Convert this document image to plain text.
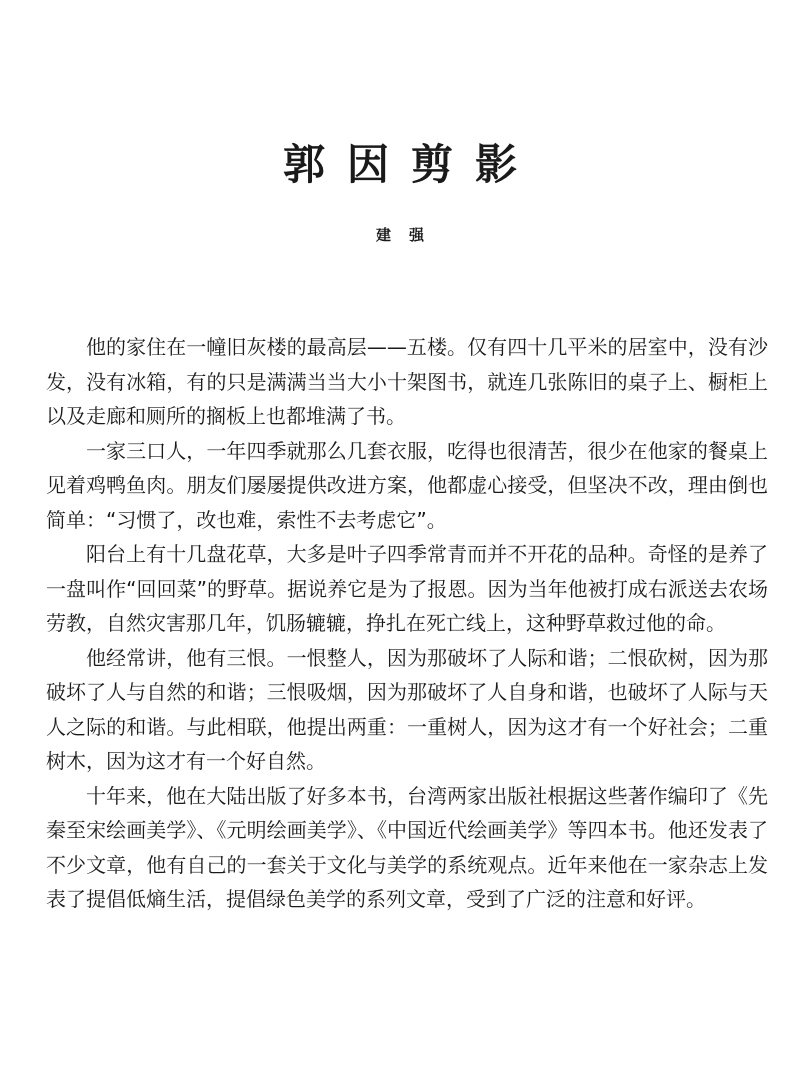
郭因剪影
建强

他的家住在一幢旧灰楼的最高层——五楼。仅有四十几平米的居室中，没有沙发，没有冰箱，有的只是满满当当大小十架图书，就连几张陈旧的桌子上、橱柜上以及走廊和厕所的搁板上也都堆满了书。

一家三口人，一年四季就那么几套衣服，吃得也很清苦，很少在他家的餐桌上见着鸡鸭鱼肉。朋友们屡屡提供改进方案，他都虚心接受，但坚决不改，理由倒也简单：“习惯了，改也难，索性不去考虑它”。

阳台上有十几盘花草，大多是叶子四季常青而并不开花的品种。奇怪的是养了一盘叫作“回回菜”的野草。据说养它是为了报恩。因为当年他被打成右派送去农场劳教，自然灾害那几年，饥肠辘辘，挣扎在死亡线上，这种野草救过他的命。

他经常讲，他有三恨。一恨整人，因为那破坏了人际和谐；二恨砍树，因为那破坏了人与自然的和谐；三恨吸烟，因为那破坏了人自身和谐，也破坏了人际与天人之际的和谐。与此相联，他提出两重：一重树人，因为这才有一个好社会；二重树木，因为这才有一个好自然。

十年来，他在大陆出版了好多本书，台湾两家出版社根据这些著作编印了《先秦至宋绘画美学》、《元明绘画美学》、《中国近代绘画美学》等四本书。他还发表了不少文章，他有自己的一套关于文化与美学的系统观点。近年来他在一家杂志上发表了提倡低熵生活，提倡绿色美学的系列文章，受到了广泛的注意和好评。
